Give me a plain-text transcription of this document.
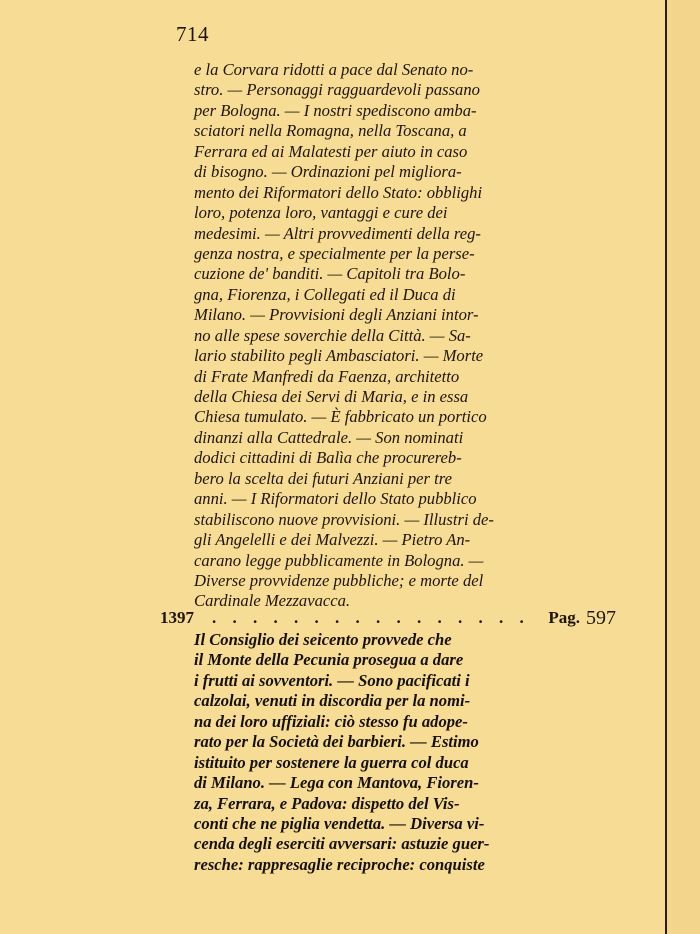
714
e la Corvara ridotti a pace dal Senato no-
stro. — Personaggi ragguardevoli passano
per Bologna. — I nostri spediscono amba-
sciatori nella Romagna, nella Toscana, a
Ferrara ed ai Malatesti per aiuto in caso
di bisogno. — Ordinazioni pel migliora-
mento dei Riformatori dello Stato: obblighi
loro, potenza loro, vantaggi e cure dei
medesimi. — Altri provvedimenti della reg-
genza nostra, e specialmente per la perse-
cuzione de' banditi. — Capitoli tra Bolo-
gna, Fiorenza, i Collegati ed il Duca di
Milano. — Provvisioni degli Anziani intor-
no alle spese soverchie della Città. — Sa-
lario stabilito pegli Ambasciatori. — Morte
di Frate Manfredi da Faenza, architetto
della Chiesa dei Servi di Maria, e in essa
Chiesa tumulato. — È fabbricato un portico
dinanzi alla Cattedrale. — Son nominati
dodici cittadini di Balìa che procurereb-
bero la scelta dei futuri Anziani per tre
anni. — I Riformatori dello Stato pubblico
stabiliscono nuove provvisioni. — Illustri de-
gli Angelelli e dei Malvezzi. — Pietro An-
carano legge pubblicamente in Bologna. —
Diverse provvidenze pubbliche; e morte del
Cardinale Mezzavacca.
1397 . . . . . . . . . . . . . . . . Pag. 597
Il Consiglio dei seicento provvede che
il Monte della Pecunia prosegua a dare
i frutti ai sovventori. — Sono pacificati i
calzolai, venuti in discordia per la nomi-
na dei loro uffiziali: ciò stesso fu adope-
rato per la Società dei barbieri. — Estimo
istituito per sostenere la guerra col duca
di Milano. — Lega con Mantova, Fioren-
za, Ferrara, e Padova: dispetto del Vis-
conti che ne piglia vendetta. — Diversa vi-
cenda degli eserciti avversari: astuzie guer-
resche: rappresaglie reciproche: conquiste
